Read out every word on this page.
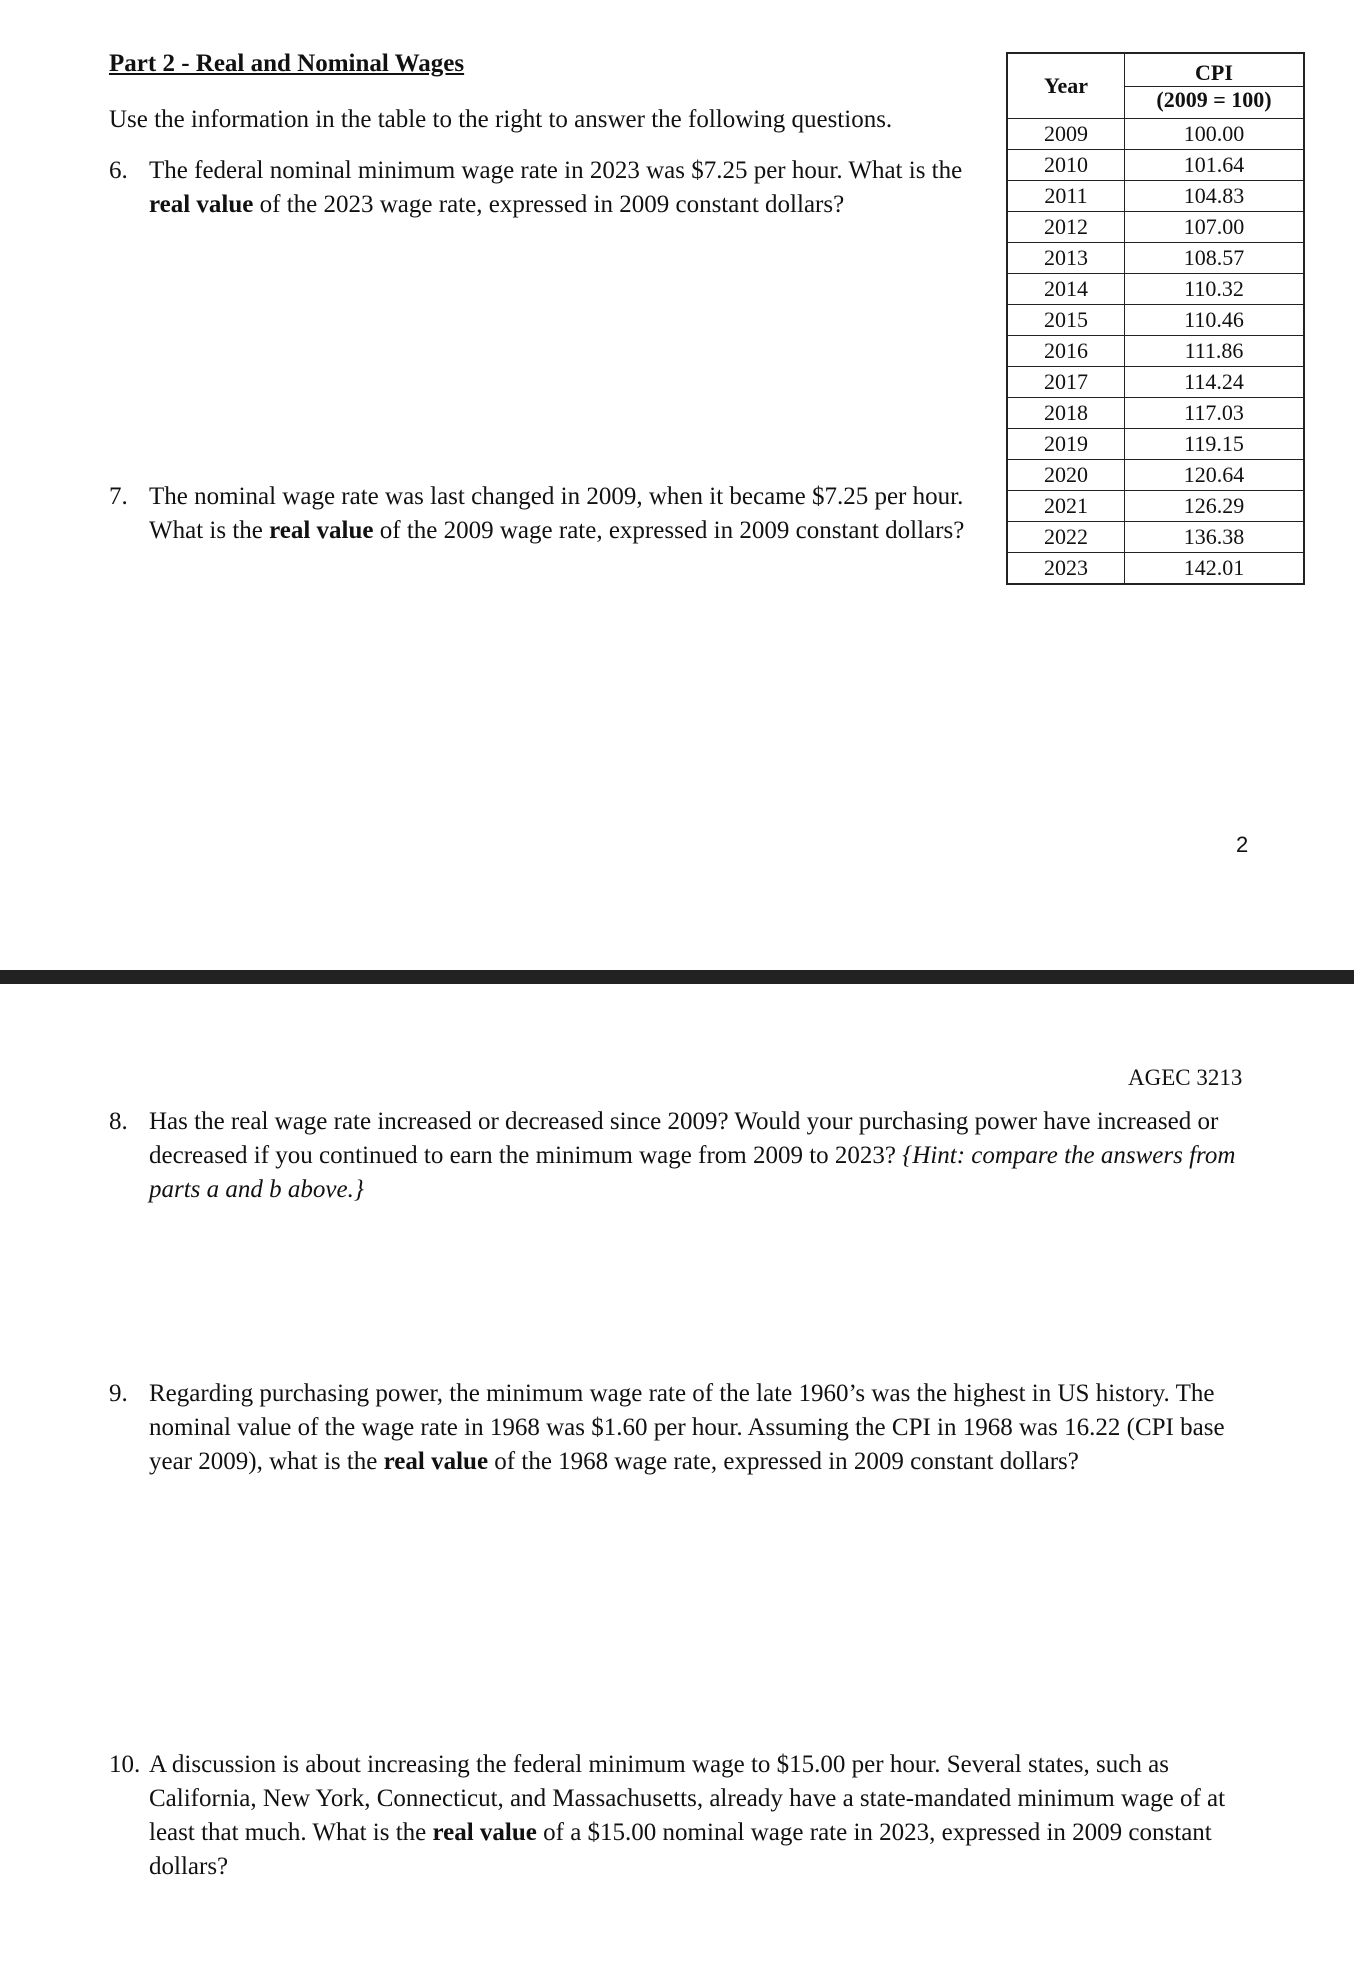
Part 2 - Real and Nominal Wages
Use the information in the table to the right to answer the following questions.
6. The federal nominal minimum wage rate in 2023 was $7.25 per hour. What is the real value of the 2023 wage rate, expressed in 2009 constant dollars?
7. The nominal wage rate was last changed in 2009, when it became $7.25 per hour. What is the real value of the 2009 wage rate, expressed in 2009 constant dollars?
Year	CPI
(2009 = 100)

2009	100.00
2010	101.64
2011	104.83
2012	107.00
2013	108.57
2014	110.32
2015	110.46
2016	111.86
2017	114.24
2018	117.03
2019	119.15
2020	120.64
2021	126.29
2022	136.38
2023	142.01
2
AGEC 3213
8. Has the real wage rate increased or decreased since 2009? Would your purchasing power have increased or decreased if you continued to earn the minimum wage from 2009 to 2023? {Hint: compare the answers from parts a and b above.}
9. Regarding purchasing power, the minimum wage rate of the late 1960’s was the highest in US history. The nominal value of the wage rate in 1968 was $1.60 per hour. Assuming the CPI in 1968 was 16.22 (CPI base year 2009), what is the real value of the 1968 wage rate, expressed in 2009 constant dollars?
10. A discussion is about increasing the federal minimum wage to $15.00 per hour. Several states, such as California, New York, Connecticut, and Massachusetts, already have a state-mandated minimum wage of at least that much. What is the real value of a $15.00 nominal wage rate in 2023, expressed in 2009 constant dollars?
